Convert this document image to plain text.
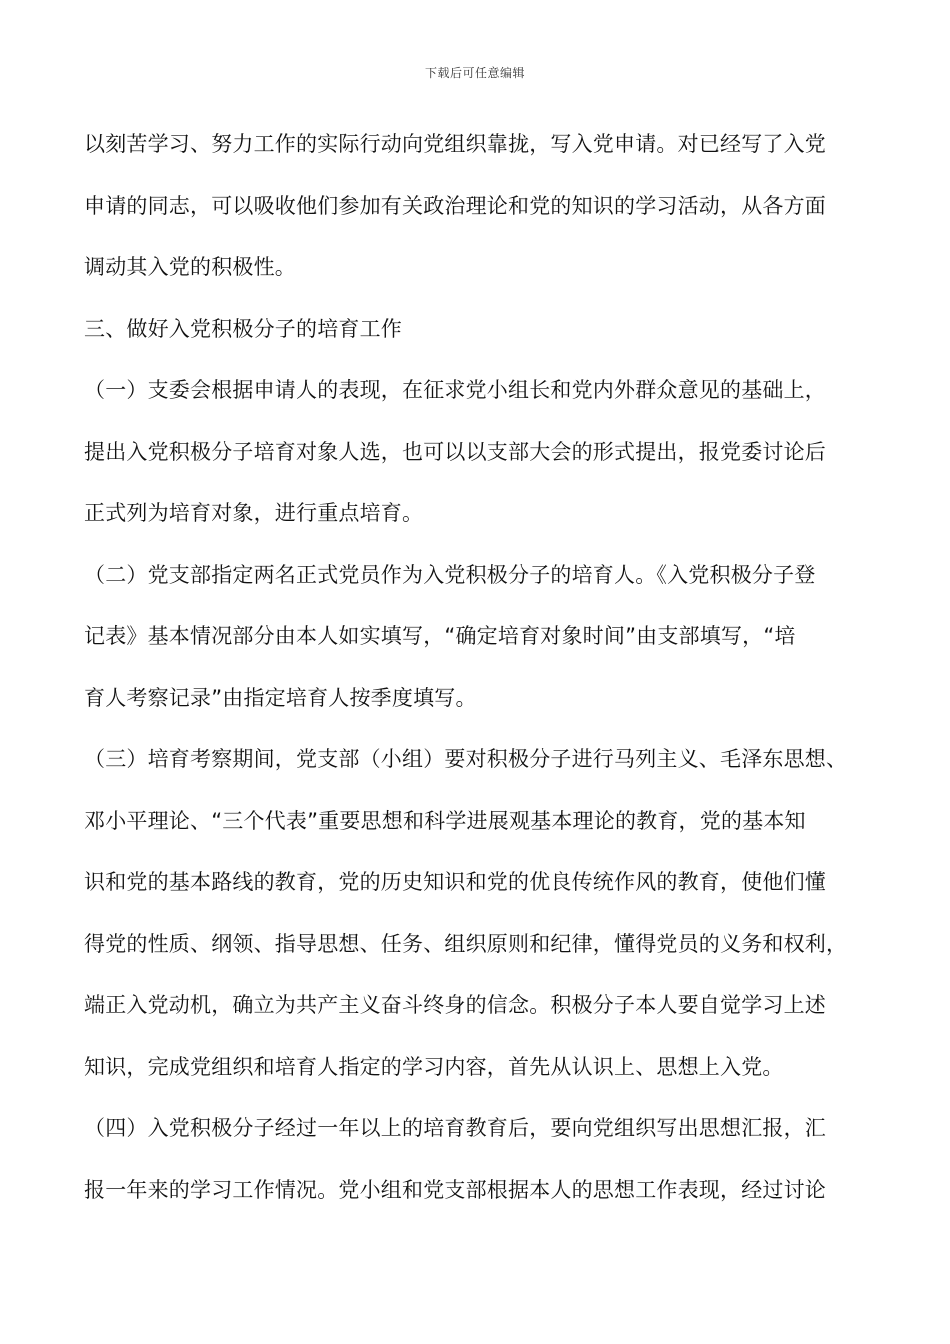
下载后可任意编辑
以刻苦学习、努力工作的实际行动向党组织靠拢，写入党申请。对已经写了入党
申请的同志，可以吸收他们参加有关政治理论和党的知识的学习活动，从各方面
调动其入党的积极性。
三、做好入党积极分子的培育工作
（一）支委会根据申请人的表现，在征求党小组长和党内外群众意见的基础上，
提出入党积极分子培育对象人选，也可以以支部大会的形式提出，报党委讨论后
正式列为培育对象，进行重点培育。
（二）党支部指定两名正式党员作为入党积极分子的培育人。《入党积极分子登
记表》基本情况部分由本人如实填写，“确定培育对象时间”由支部填写，“培
育人考察记录”由指定培育人按季度填写。
（三）培育考察期间，党支部（小组）要对积极分子进行马列主义、毛泽东思想、
邓小平理论、“三个代表”重要思想和科学进展观基本理论的教育，党的基本知
识和党的基本路线的教育，党的历史知识和党的优良传统作风的教育，使他们懂
得党的性质、纲领、指导思想、任务、组织原则和纪律，懂得党员的义务和权利，
端正入党动机，确立为共产主义奋斗终身的信念。积极分子本人要自觉学习上述
知识，完成党组织和培育人指定的学习内容，首先从认识上、思想上入党。
（四）入党积极分子经过一年以上的培育教育后，要向党组织写出思想汇报，汇
报一年来的学习工作情况。党小组和党支部根据本人的思想工作表现，经过讨论
